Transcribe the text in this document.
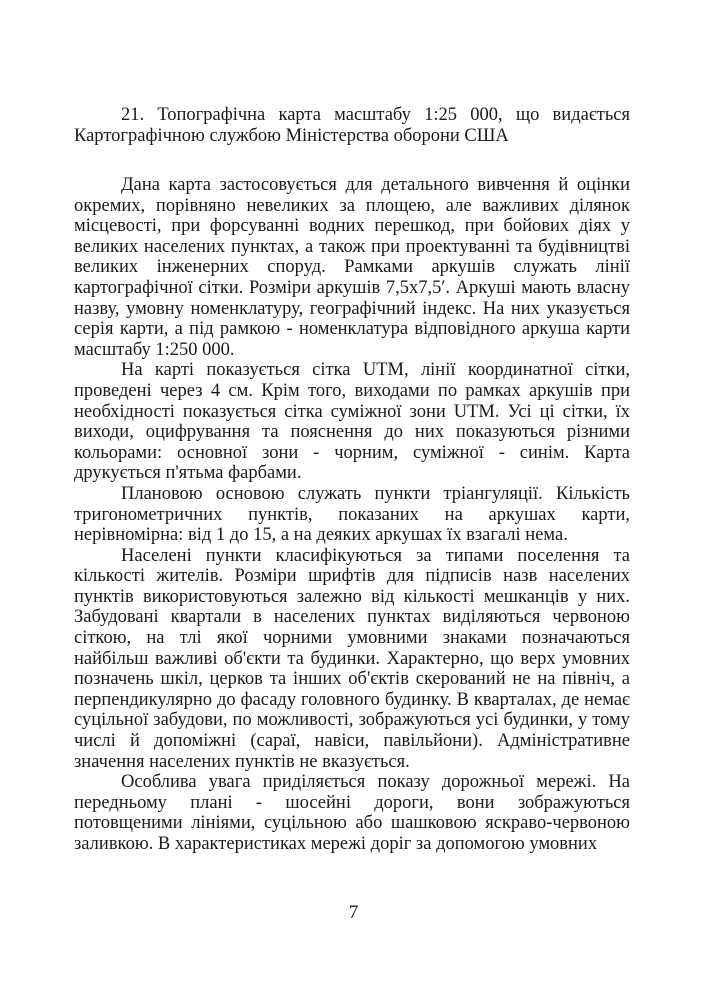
21. Топографічна карта масштабу 1:25 000, що видається Картографічною службою Міністерства оборони США

Дана карта застосовується для детального вивчення й оцінки окремих, порівняно невеликих за площею, але важливих ділянок місцевості, при форсуванні водних перешкод, при бойових діях у великих населених пунктах, а також при проектуванні та будівництві великих інженерних споруд. Рамками аркушів служать лінії картографічної сітки. Розміри аркушів 7,5x7,5′. Аркуші мають власну назву, умовну номенклатуру, географічний індекс. На них указується серія карти, а під рамкою - номенклатура відповідного аркуша карти масштабу 1:250 000.

На карті показується сітка UTM, лінії координатної сітки, проведені через 4 см. Крім того, виходами по рамках аркушів при необхідності показується сітка суміжної зони UTM. Усі ці сітки, їх виходи, оцифрування та пояснення до них показуються різними кольорами: основної зони - чорним, суміжної - синім. Карта друкується п'ятьма фарбами.

Плановою основою служать пункти тріангуляції. Кількість тригонометричних пунктів, показаних на аркушах карти, нерівномірна: від 1 до 15, а на деяких аркушах їх взагалі нема.

Населені пункти класифікуються за типами поселення та кількості жителів. Розміри шрифтів для підписів назв населених пунктів використовуються залежно від кількості мешканців у них. Забудовані квартали в населених пунктах виділяються червоною сіткою, на тлі якої чорними умовними знаками позначаються найбільш важливі об'єкти та будинки. Характерно, що верх умовних позначень шкіл, церков та інших об'єктів скерований не на північ, а перпендикулярно до фасаду головного будинку. В кварталах, де немає суцільної забудови, по можливості, зображуються усі будинки, у тому числі й допоміжні (сараї, навіси, павільйони). Адміністративне значення населених пунктів не вказується.

Особлива увага приділяється показу дорожньої мережі. На передньому плані - шосейні дороги, вони зображуються потовщеними лініями, суцільною або шашковою яскраво-червоною заливкою. В характеристиках мережі доріг за допомогою умовних

7
